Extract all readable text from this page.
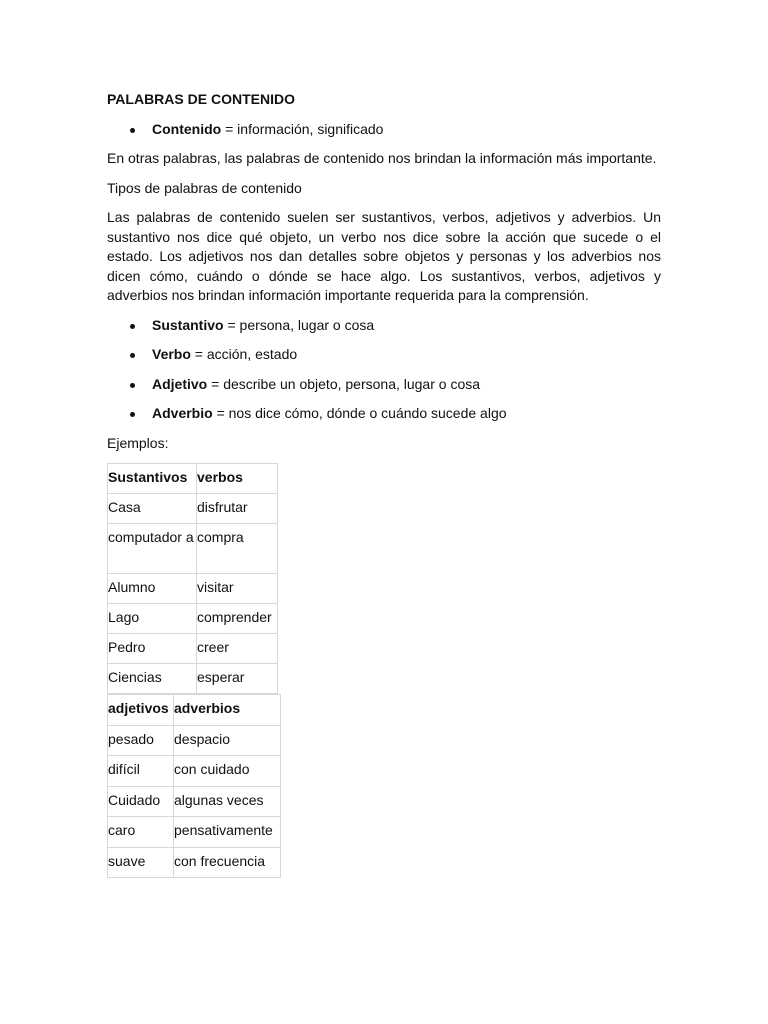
PALABRAS DE CONTENIDO
Contenido = información, significado

En otras palabras, las palabras de contenido nos brindan la información más importante.

Tipos de palabras de contenido

Las palabras de contenido suelen ser sustantivos, verbos, adjetivos y adverbios. Un sustantivo nos dice qué objeto, un verbo nos dice sobre la acción que sucede o el estado. Los adjetivos nos dan detalles sobre objetos y personas y los adverbios nos dicen cómo, cuándo o dónde se hace algo. Los sustantivos, verbos, adjetivos y adverbios nos brindan información importante requerida para la comprensión.

Sustantivo = persona, lugar o cosa
Verbo = acción, estado
Adjetivo = describe un objeto, persona, lugar o cosa
Adverbio = nos dice cómo, dónde o cuándo sucede algo

Ejemplos:

Sustantivos	verbos
Casa	disfrutar
computador a	compra
Alumno	visitar
Lago	comprender
Pedro	creer
Ciencias	esperar
adjetivos	adverbios
pesado	despacio
difícil	con cuidado
Cuidado	algunas veces
caro	pensativamente
suave	con frecuencia
